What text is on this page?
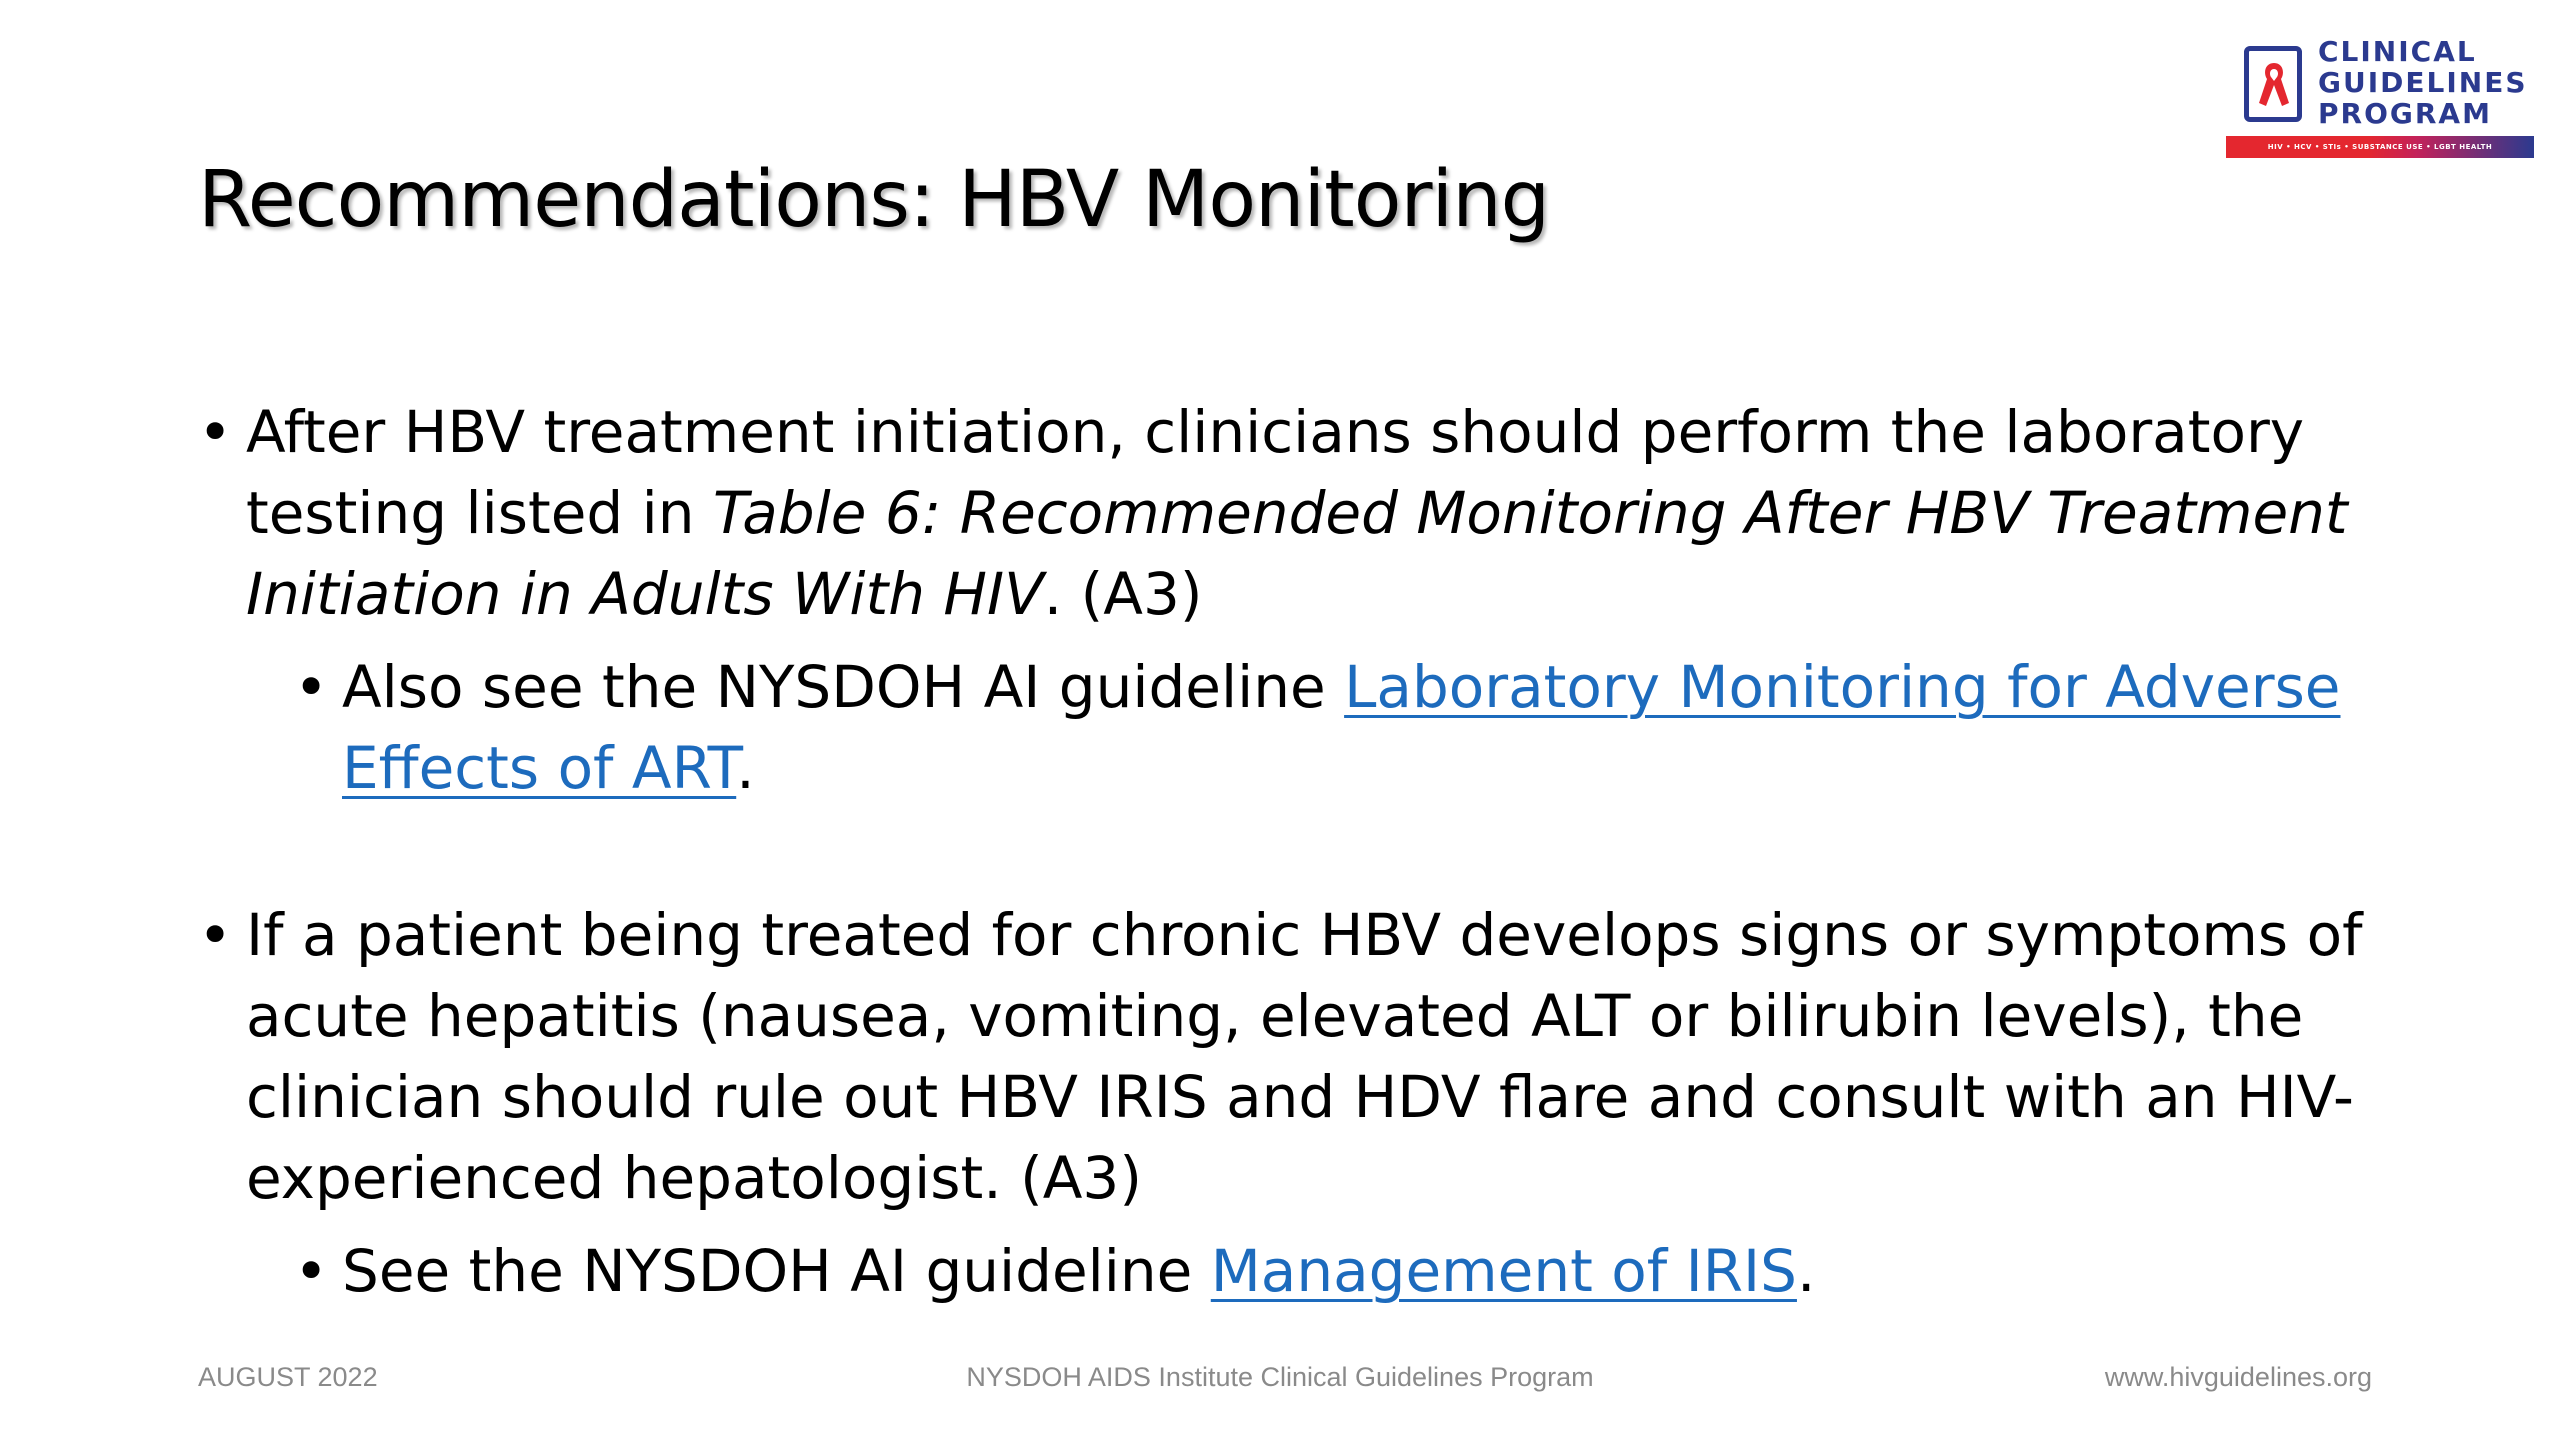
CLINICAL
GUIDELINES
PROGRAM
HIV • HCV • STIs • SUBSTANCE USE • LGBT HEALTH
Recommendations: HBV Monitoring

• After HBV treatment initiation, clinicians should perform the laboratory testing listed in Table 6: Recommended Monitoring After HBV Treatment Initiation in Adults With HIV. (A3)

• Also see the NYSDOH AI guideline Laboratory Monitoring for Adverse Effects of ART.

• If a patient being treated for chronic HBV develops signs or symptoms of acute hepatitis (nausea, vomiting, elevated ALT or bilirubin levels), the clinician should rule out HBV IRIS and HDV flare and consult with an HIV-experienced hepatologist. (A3)

• See the NYSDOH AI guideline Management of IRIS.

AUGUST 2022	NYSDOH AIDS Institute Clinical Guidelines Program	www.hivguidelines.org
